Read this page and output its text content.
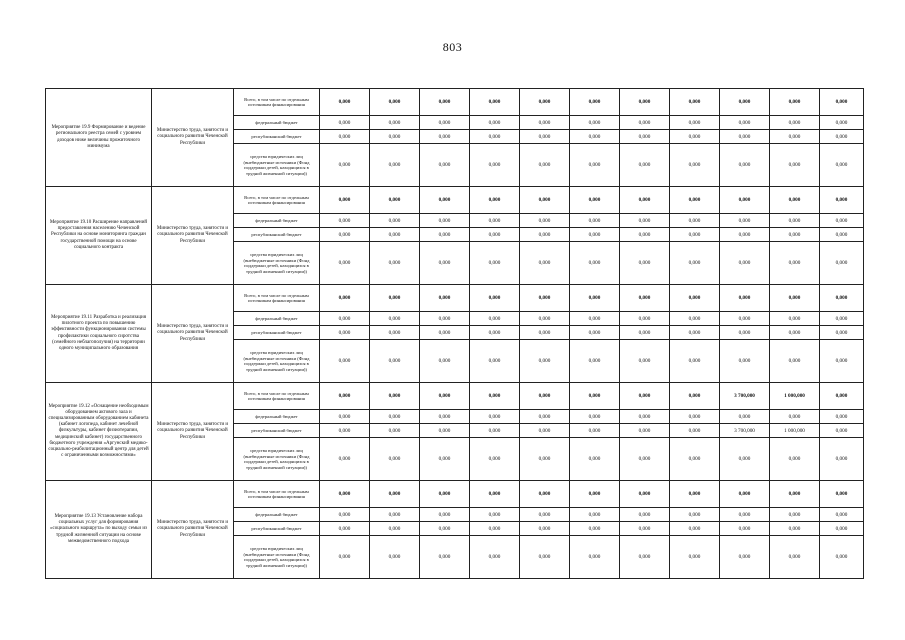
803
Мероприятие 19.9 Формирование и ведение регионального реестра семей с уровнем доходов ниже величины прожиточного минимума	Министерство труда, занятости и социального развития Чеченской Республики	Всего, в том числе по отдельным источникам финансирования	0,000	0,000	0,000	0,000	0,000	0,000	0,000	0,000	0,000	0,000	0,000
		федеральный бюджет	0,000	0,000	0,000	0,000	0,000	0,000	0,000	0,000	0,000	0,000	0,000
		республиканский бюджет	0,000	0,000	0,000	0,000	0,000	0,000	0,000	0,000	0,000	0,000	0,000
		средства юридических лиц (внебюджетные источники (Фонд поддержки детей, находящихся в трудной жизненной ситуации))	0,000	0,000	0,000	0,000	0,000	0,000	0,000	0,000	0,000	0,000	0,000
Мероприятие 19.10 Расширение направлений предоставления населению Чеченской Республики на основе мониторинга граждан государственной помощи на основе социального контракта	Министерство труда, занятости и социального развития Чеченской Республики	Всего, в том числе по отдельным источникам финансирования	0,000	0,000	0,000	0,000	0,000	0,000	0,000	0,000	0,000	0,000	0,000
		федеральный бюджет	0,000	0,000	0,000	0,000	0,000	0,000	0,000	0,000	0,000	0,000	0,000
		республиканский бюджет	0,000	0,000	0,000	0,000	0,000	0,000	0,000	0,000	0,000	0,000	0,000
		средства юридических лиц (внебюджетные источники (Фонд поддержки детей, находящихся в трудной жизненной ситуации))	0,000	0,000	0,000	0,000	0,000	0,000	0,000	0,000	0,000	0,000	0,000
Мероприятие 19.11 Разработка и реализация пилотного проекта по повышению эффективности функционирования системы профилактики социального сиротства (семейного неблагополучия) на территории одного муниципального образования	Министерство труда, занятости и социального развития Чеченской Республики	Всего, в том числе по отдельным источникам финансирования	0,000	0,000	0,000	0,000	0,000	0,000	0,000	0,000	0,000	0,000	0,000
		федеральный бюджет	0,000	0,000	0,000	0,000	0,000	0,000	0,000	0,000	0,000	0,000	0,000
		республиканский бюджет	0,000	0,000	0,000	0,000	0,000	0,000	0,000	0,000	0,000	0,000	0,000
		средства юридических лиц (внебюджетные источники (Фонд поддержки детей, находящихся в трудной жизненной ситуации))	0,000	0,000	0,000	0,000	0,000	0,000	0,000	0,000	0,000	0,000	0,000
Мероприятие 19.12 «Оснащение необходимым оборудованием актового зала и специализированным оборудованием кабинета (кабинет логопеда, кабинет лечебной физкультуры, кабинет физиотерапии, медицинский кабинет) государственного бюджетного учреждения «Аргунский медико-социально-реабилитационный центр для детей с ограниченными возможностями»	Министерство труда, занятости и социального развития Чеченской Республики	Всего, в том числе по отдельным источникам финансирования	0,000	0,000	0,000	0,000	0,000	0,000	0,000	0,000	3 700,000	1 000,000	0,000
		федеральный бюджет	0,000	0,000	0,000	0,000	0,000	0,000	0,000	0,000	0,000	0,000	0,000
		республиканский бюджет	0,000	0,000	0,000	0,000	0,000	0,000	0,000	0,000	3 700,000	1 000,000	0,000
		средства юридических лиц (внебюджетные источники (Фонд поддержки детей, находящихся в трудной жизненной ситуации))	0,000	0,000	0,000	0,000	0,000	0,000	0,000	0,000	0,000	0,000	0,000
Мероприятие 19.13 Установление набора социальных услуг для формирования «социального маршрута» по выходу семьи из трудной жизненной ситуации на основе межведомственного подхода	Министерство труда, занятости и социального развития Чеченской Республики	Всего, в том числе по отдельным источникам финансирования	0,000	0,000	0,000	0,000	0,000	0,000	0,000	0,000	0,000	0,000	0,000
		федеральный бюджет	0,000	0,000	0,000	0,000	0,000	0,000	0,000	0,000	0,000	0,000	0,000
		республиканский бюджет	0,000	0,000	0,000	0,000	0,000	0,000	0,000	0,000	0,000	0,000	0,000
		средства юридических лиц (внебюджетные источники (Фонд поддержки детей, находящихся в трудной жизненной ситуации))	0,000	0,000	0,000	0,000	0,000	0,000	0,000	0,000	0,000	0,000	0,000
